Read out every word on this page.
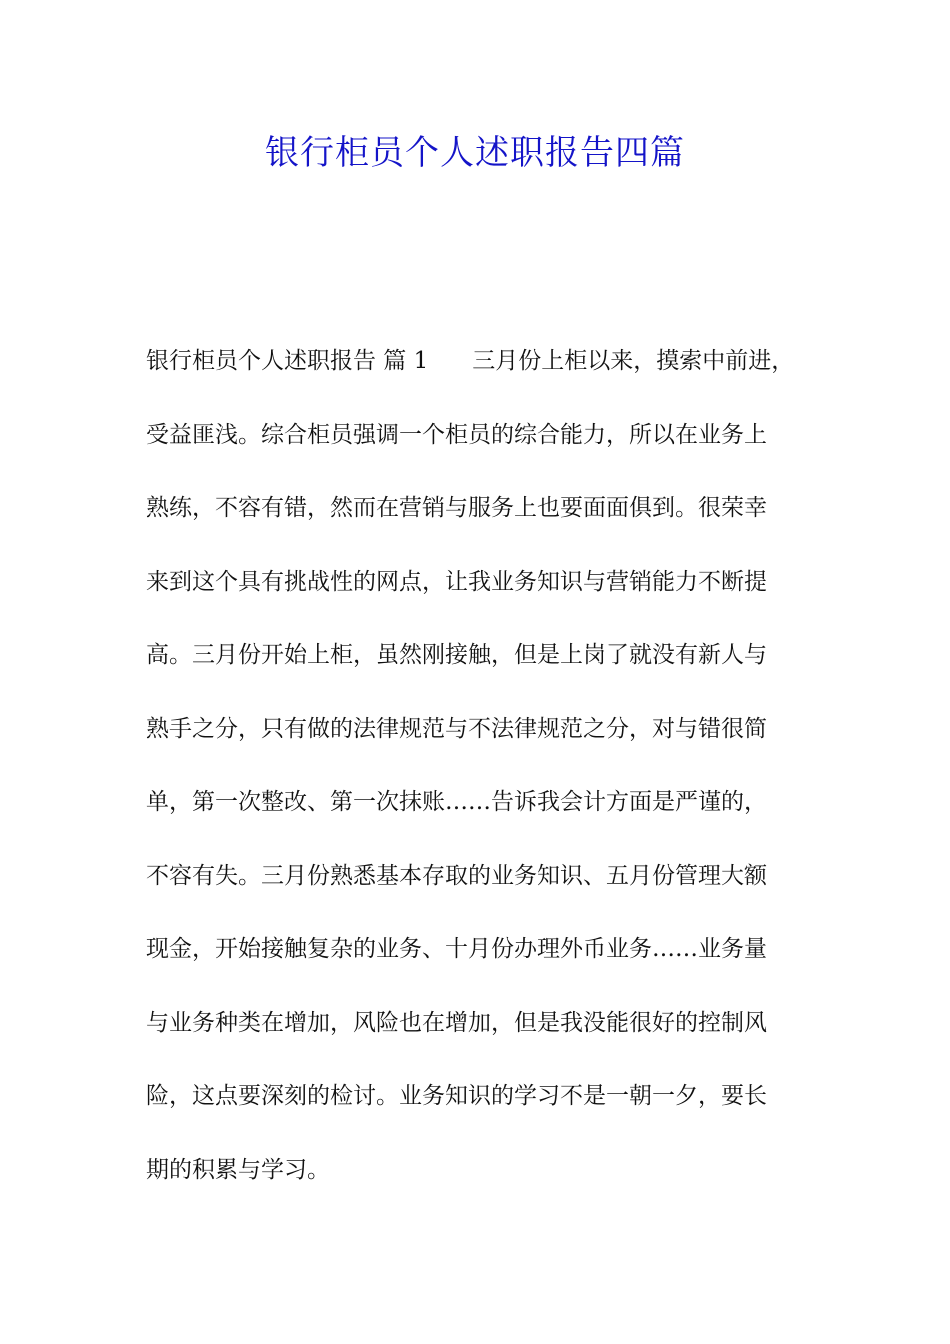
银行柜员个人述职报告四篇
银行柜员个人述职报告 篇 1 三月份上柜以来，摸索中前进，
受益匪浅。综合柜员强调一个柜员的综合能力，所以在业务上
熟练，不容有错，然而在营销与服务上也要面面俱到。很荣幸
来到这个具有挑战性的网点，让我业务知识与营销能力不断提
高。三月份开始上柜，虽然刚接触，但是上岗了就没有新人与
熟手之分，只有做的法律规范与不法律规范之分，对与错很简
单，第一次整改、第一次抹账……告诉我会计方面是严谨的，
不容有失。三月份熟悉基本存取的业务知识、五月份管理大额
现金，开始接触复杂的业务、十月份办理外币业务……业务量
与业务种类在增加，风险也在增加，但是我没能很好的控制风
险，这点要深刻的检讨。业务知识的学习不是一朝一夕，要长
期的积累与学习。
